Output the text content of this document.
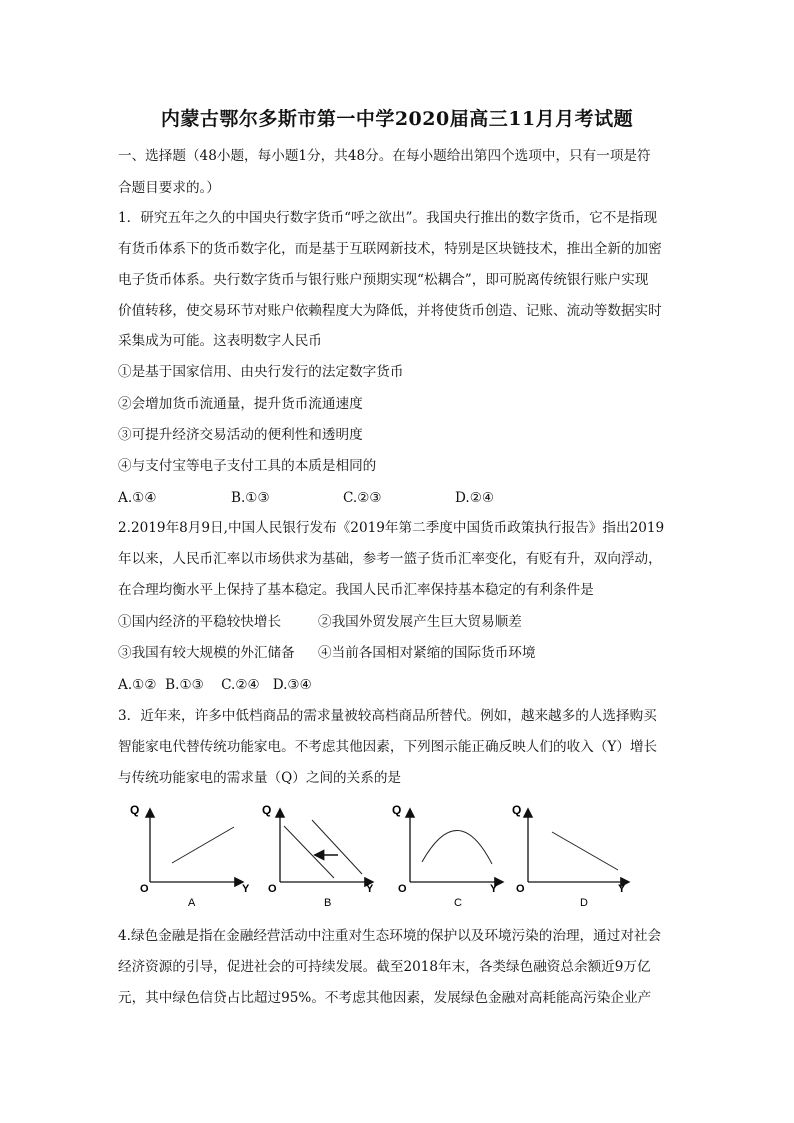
内蒙古鄂尔多斯市第一中学2020届高三11月月考试题
一、选择题（48小题，每小题1分，共48分。在每小题给出第四个选项中，只有一项是符
合题目要求的。）
1．研究五年之久的中国央行数字货币“呼之欲出”。我国央行推出的数字货币，它不是指现
有货币体系下的货币数字化，而是基于互联网新技术，特别是区块链技术，推出全新的加密
电子货币体系。央行数字货币与银行账户预期实现“松耦合”，即可脱离传统银行账户实现
价值转移，使交易环节对账户依赖程度大为降低，并将使货币创造、记账、流动等数据实时
采集成为可能。这表明数字人民币
①是基于国家信用、由央行发行的法定数字货币
②会增加货币流通量，提升货币流通速度
③可提升经济交易活动的便利性和透明度
④与支付宝等电子支付工具的本质是相同的
A.①④	B.①③	C.②③	D.②④
2.2019年8月9日,中国人民银行发布《2019年第二季度中国货币政策执行报告》指出2019
年以来，人民币汇率以市场供求为基础，参考一篮子货币汇率变化，有贬有升，双向浮动，
在合理均衡水平上保持了基本稳定。我国人民币汇率保持基本稳定的有利条件是
①国内经济的平稳较快增长	②我国外贸发展产生巨大贸易顺差
③我国有较大规模的外汇储备 ④当前各国相对紧缩的国际货币环境
A.①②  B.①③    C.②④   D.③④
3．近年来，许多中低档商品的需求量被较高档商品所替代。例如，越来越多的人选择购买
智能家电代替传统功能家电。不考虑其他因素，下列图示能正确反映人们的收入（Y）增长
与传统功能家电的需求量（Q）之间的关系的是
Q
O	Y
A
Q
O	Y
B
Q
O	Y
C
Q
O	Y
D
4.绿色金融是指在金融经营活动中注重对生态环境的保护以及环境污染的治理，通过对社会
经济资源的引导，促进社会的可持续发展。截至2018年末，各类绿色融资总余额近9万亿
元，其中绿色信贷占比超过95%。不考虑其他因素，发展绿色金融对高耗能高污染企业产
